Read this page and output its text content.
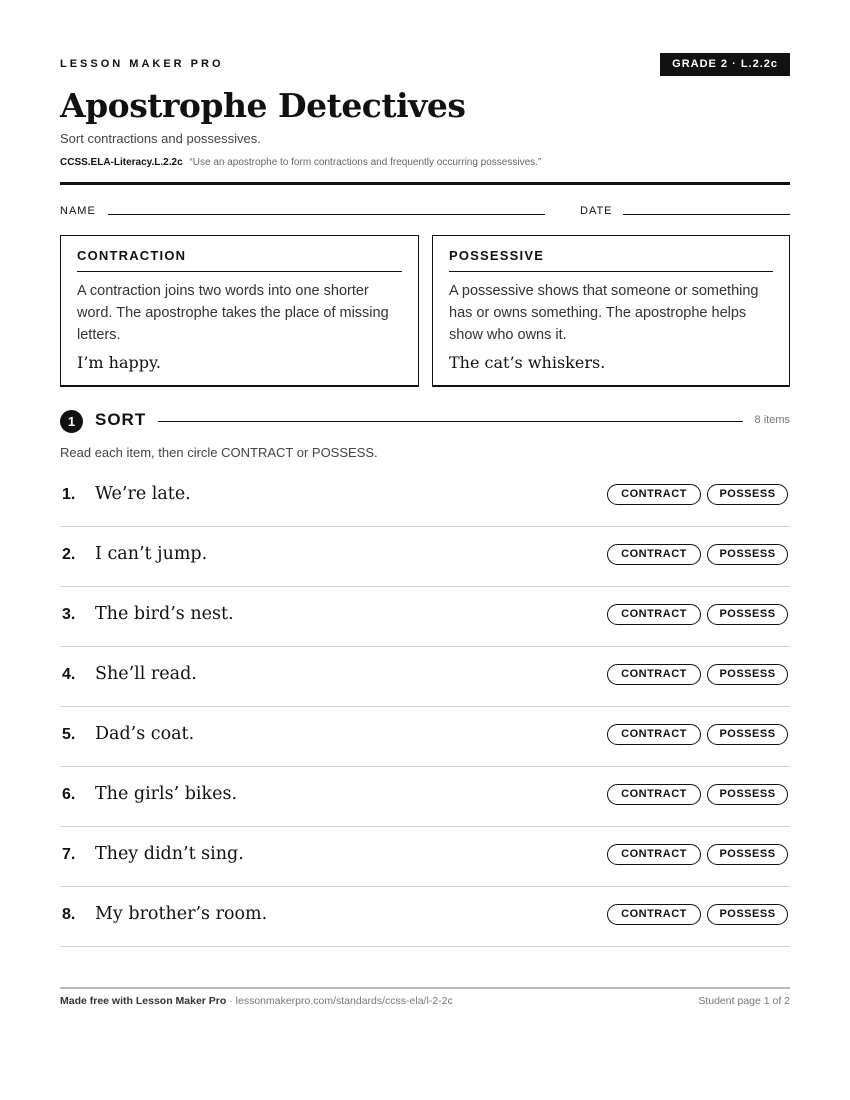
LESSON MAKER PRO	GRADE 2 · L.2.2c
Apostrophe Detectives
Sort contractions and possessives.
CCSS.ELA-Literacy.L.2.2c “Use an apostrophe to form contractions and frequently occurring possessives.”
NAME	DATE
CONTRACTION
A contraction joins two words into one shorter word. The apostrophe takes the place of missing letters.
I’m happy.
POSSESSIVE
A possessive shows that someone or something has or owns something. The apostrophe helps show who owns it.
The cat’s whiskers.
1	SORT	8 items
Read each item, then circle CONTRACT or POSSESS.
1. We’re late.	CONTRACT	POSSESS
2. I can’t jump.	CONTRACT	POSSESS
3. The bird’s nest.	CONTRACT	POSSESS
4. She’ll read.	CONTRACT	POSSESS
5. Dad’s coat.	CONTRACT	POSSESS
6. The girls’ bikes.	CONTRACT	POSSESS
7. They didn’t sing.	CONTRACT	POSSESS
8. My brother’s room.	CONTRACT	POSSESS
Made free with Lesson Maker Pro · lessonmakerpro.com/standards/ccss-ela/l-2-2c	Student page 1 of 2
